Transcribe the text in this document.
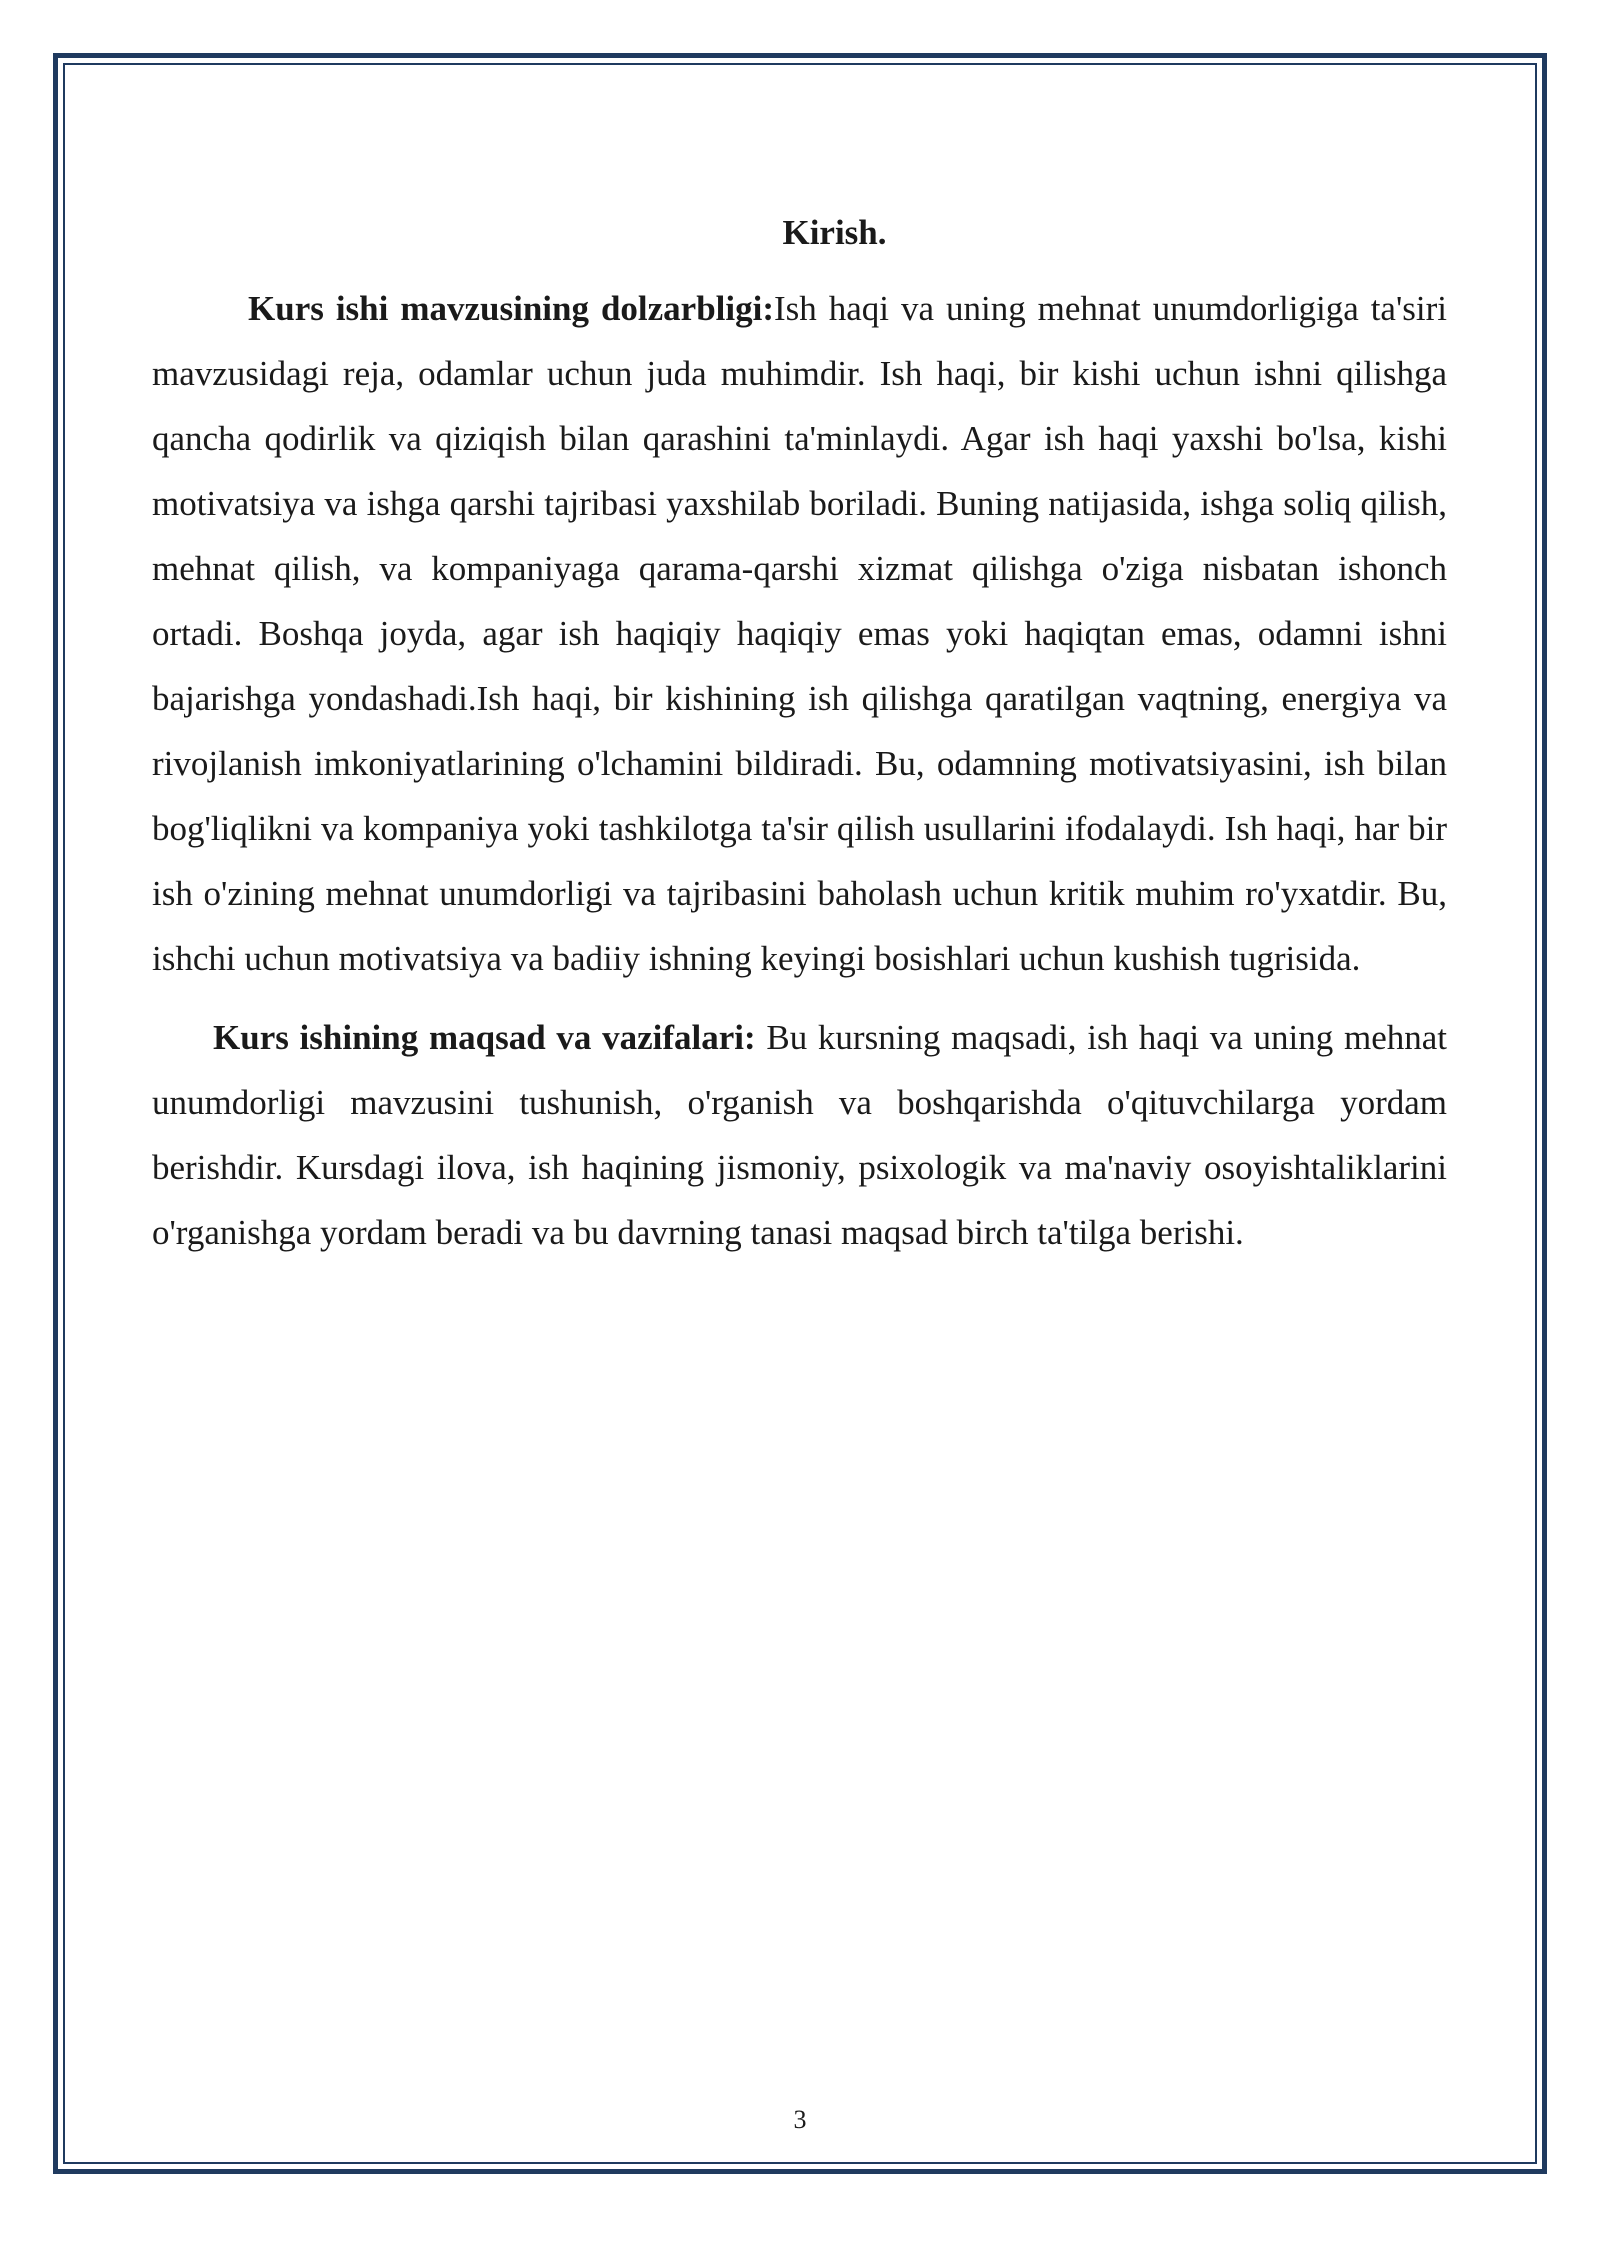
Kirish.

Kurs ishi mavzusining dolzarbligi:Ish haqi va uning mehnat unumdorligiga ta'siri mavzusidagi reja, odamlar uchun juda muhimdir. Ish haqi, bir kishi uchun ishni qilishga qancha qodirlik va qiziqish bilan qarashini ta'minlaydi. Agar ish haqi yaxshi bo'lsa, kishi motivatsiya va ishga qarshi tajribasi yaxshilab boriladi. Buning natijasida, ishga soliq qilish, mehnat qilish, va kompaniyaga qarama-qarshi xizmat qilishga o'ziga nisbatan ishonch ortadi. Boshqa joyda, agar ish haqiqiy haqiqiy emas yoki haqiqtan emas, odamni ishni bajarishga yondashadi.Ish haqi, bir kishining ish qilishga qaratilgan vaqtning, energiya va rivojlanish imkoniyatlarining o'lchamini bildiradi. Bu, odamning motivatsiyasini, ish bilan bog'liqlikni va kompaniya yoki tashkilotga ta'sir qilish usullarini ifodalaydi. Ish haqi, har bir ish o'zining mehnat unumdorligi va tajribasini baholash uchun kritik muhim ro'yxatdir. Bu, ishchi uchun motivatsiya va badiiy ishning keyingi bosishlari uchun kushish tugrisida.

Kurs ishining maqsad va vazifalari: Bu kursning maqsadi, ish haqi va uning mehnat unumdorligi mavzusini tushunish, o'rganish va boshqarishda o'qituvchilarga yordam berishdir. Kursdagi ilova, ish haqining jismoniy, psixologik va ma'naviy osoyishtaliklarini o'rganishga yordam beradi va bu davrning tanasi maqsad birch ta'tilga berishi.

3
